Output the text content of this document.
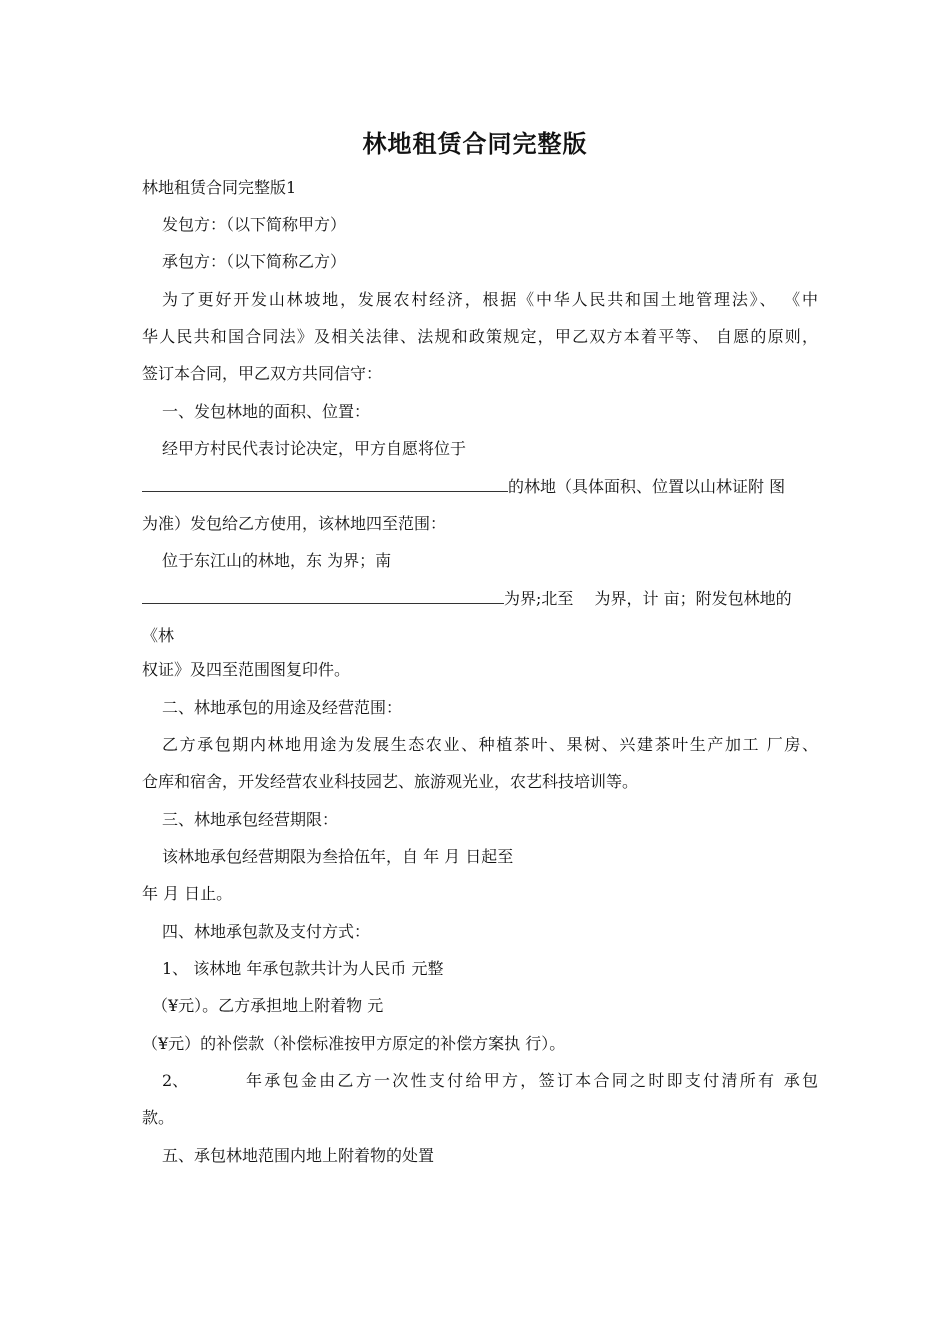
林地租赁合同完整版
林地租赁合同完整版1
发包方：（以下简称甲方）
承包方：（以下简称乙方）
为了更好开发山林坡地，发展农村经济，根据《中华人民共和国土地管理法》、 《中
华人民共和国合同法》及相关法律、法规和政策规定，甲乙双方本着平等、 自愿的原则，
签订本合同，甲乙双方共同信守：
一、发包林地的面积、位置：
经甲方村民代表讨论决定，甲方自愿将位于
的林地（具体面积、位置以山林证附 图
为准）发包给乙方使用，该林地四至范围：
位于东江山的林地，东 为界；南
为界;北至　 为界，计 亩；附发包林地的
《林
权证》及四至范围图复印件。
二、林地承包的用途及经营范围：
乙方承包期内林地用途为发展生态农业、种植茶叶、果树、兴建茶叶生产加工 厂房、
仓库和宿舍，开发经营农业科技园艺、旅游观光业，农艺科技培训等。
三、林地承包经营期限：
该林地承包经营期限为叁拾伍年，自 年 月 日起至
年 月 日止。
四、林地承包款及支付方式：
1、 该林地 年承包款共计为人民币 元整
（¥元）。乙方承担地上附着物 元
（¥元）的补偿款（补偿标准按甲方原定的补偿方案执 行）。
2、	年承包金由乙方一次性支付给甲方，签订本合同之时即支付清所有 承包
款。
五、承包林地范围内地上附着物的处置
